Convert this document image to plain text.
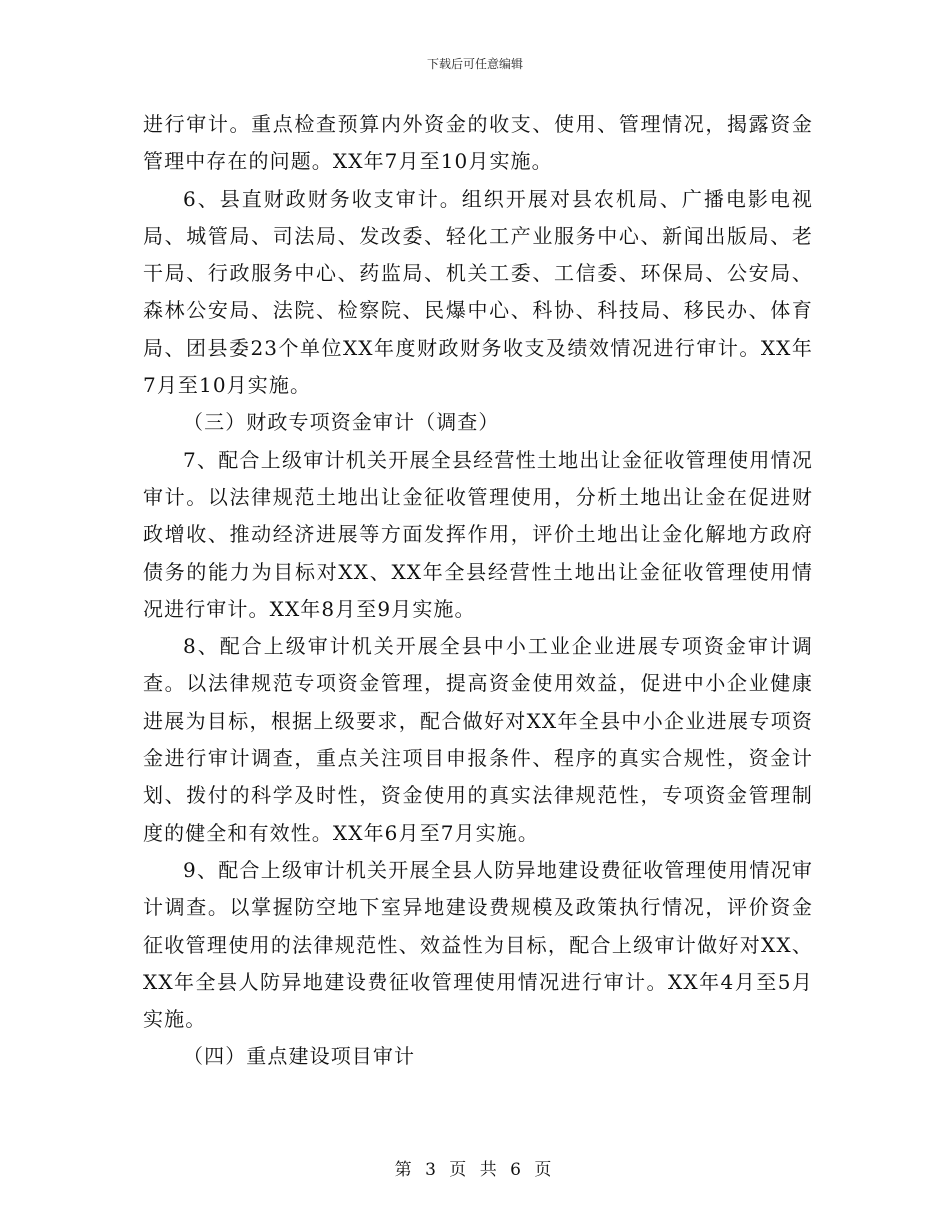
下载后可任意编辑

进行审计。重点检查预算内外资金的收支、使用、管理情况，揭露资金管理中存在的问题。XX年7月至10月实施。

6、县直财政财务收支审计。组织开展对县农机局、广播电影电视局、城管局、司法局、发改委、轻化工产业服务中心、新闻出版局、老干局、行政服务中心、药监局、机关工委、工信委、环保局、公安局、森林公安局、法院、检察院、民爆中心、科协、科技局、移民办、体育局、团县委23个单位XX年度财政财务收支及绩效情况进行审计。XX年7月至10月实施。

（三）财政专项资金审计（调查）

7、配合上级审计机关开展全县经营性土地出让金征收管理使用情况审计。以法律规范土地出让金征收管理使用，分析土地出让金在促进财政增收、推动经济进展等方面发挥作用，评价土地出让金化解地方政府债务的能力为目标对XX、XX年全县经营性土地出让金征收管理使用情况进行审计。XX年8月至9月实施。

8、配合上级审计机关开展全县中小工业企业进展专项资金审计调查。以法律规范专项资金管理，提高资金使用效益，促进中小企业健康进展为目标，根据上级要求，配合做好对XX年全县中小企业进展专项资金进行审计调查，重点关注项目申报条件、程序的真实合规性，资金计划、拨付的科学及时性，资金使用的真实法律规范性，专项资金管理制度的健全和有效性。XX年6月至7月实施。

9、配合上级审计机关开展全县人防异地建设费征收管理使用情况审计调查。以掌握防空地下室异地建设费规模及政策执行情况，评价资金征收管理使用的法律规范性、效益性为目标，配合上级审计做好对XX、XX年全县人防异地建设费征收管理使用情况进行审计。XX年4月至5月实施。

（四）重点建设项目审计

第 3 页 共 6 页
